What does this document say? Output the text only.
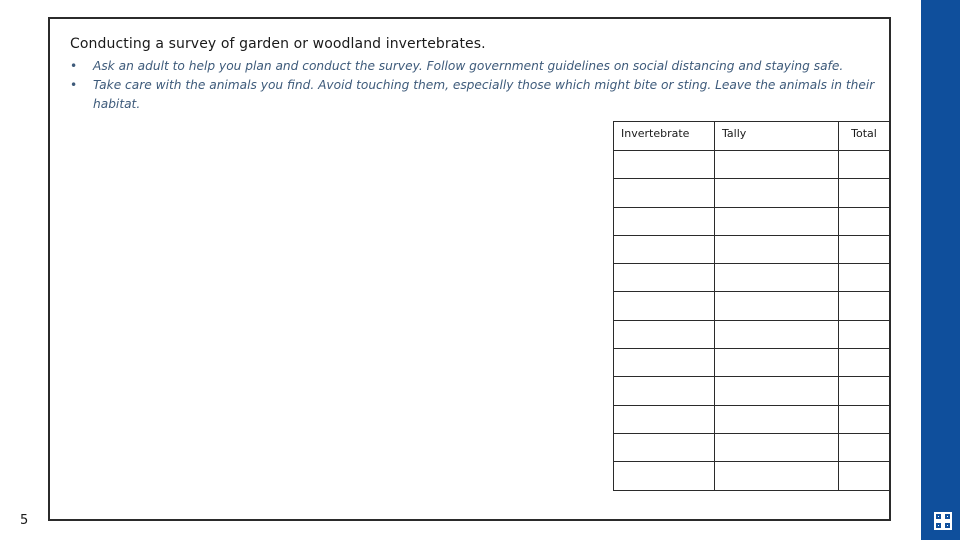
Conducting a survey of garden or woodland invertebrates.
• Ask an adult to help you plan and conduct the survey. Follow government guidelines on social distancing and staying safe.
• Take care with the animals you find. Avoid touching them, especially those which might bite or sting. Leave the animals in their habitat.
Invertebrate	Tally	Total

5
